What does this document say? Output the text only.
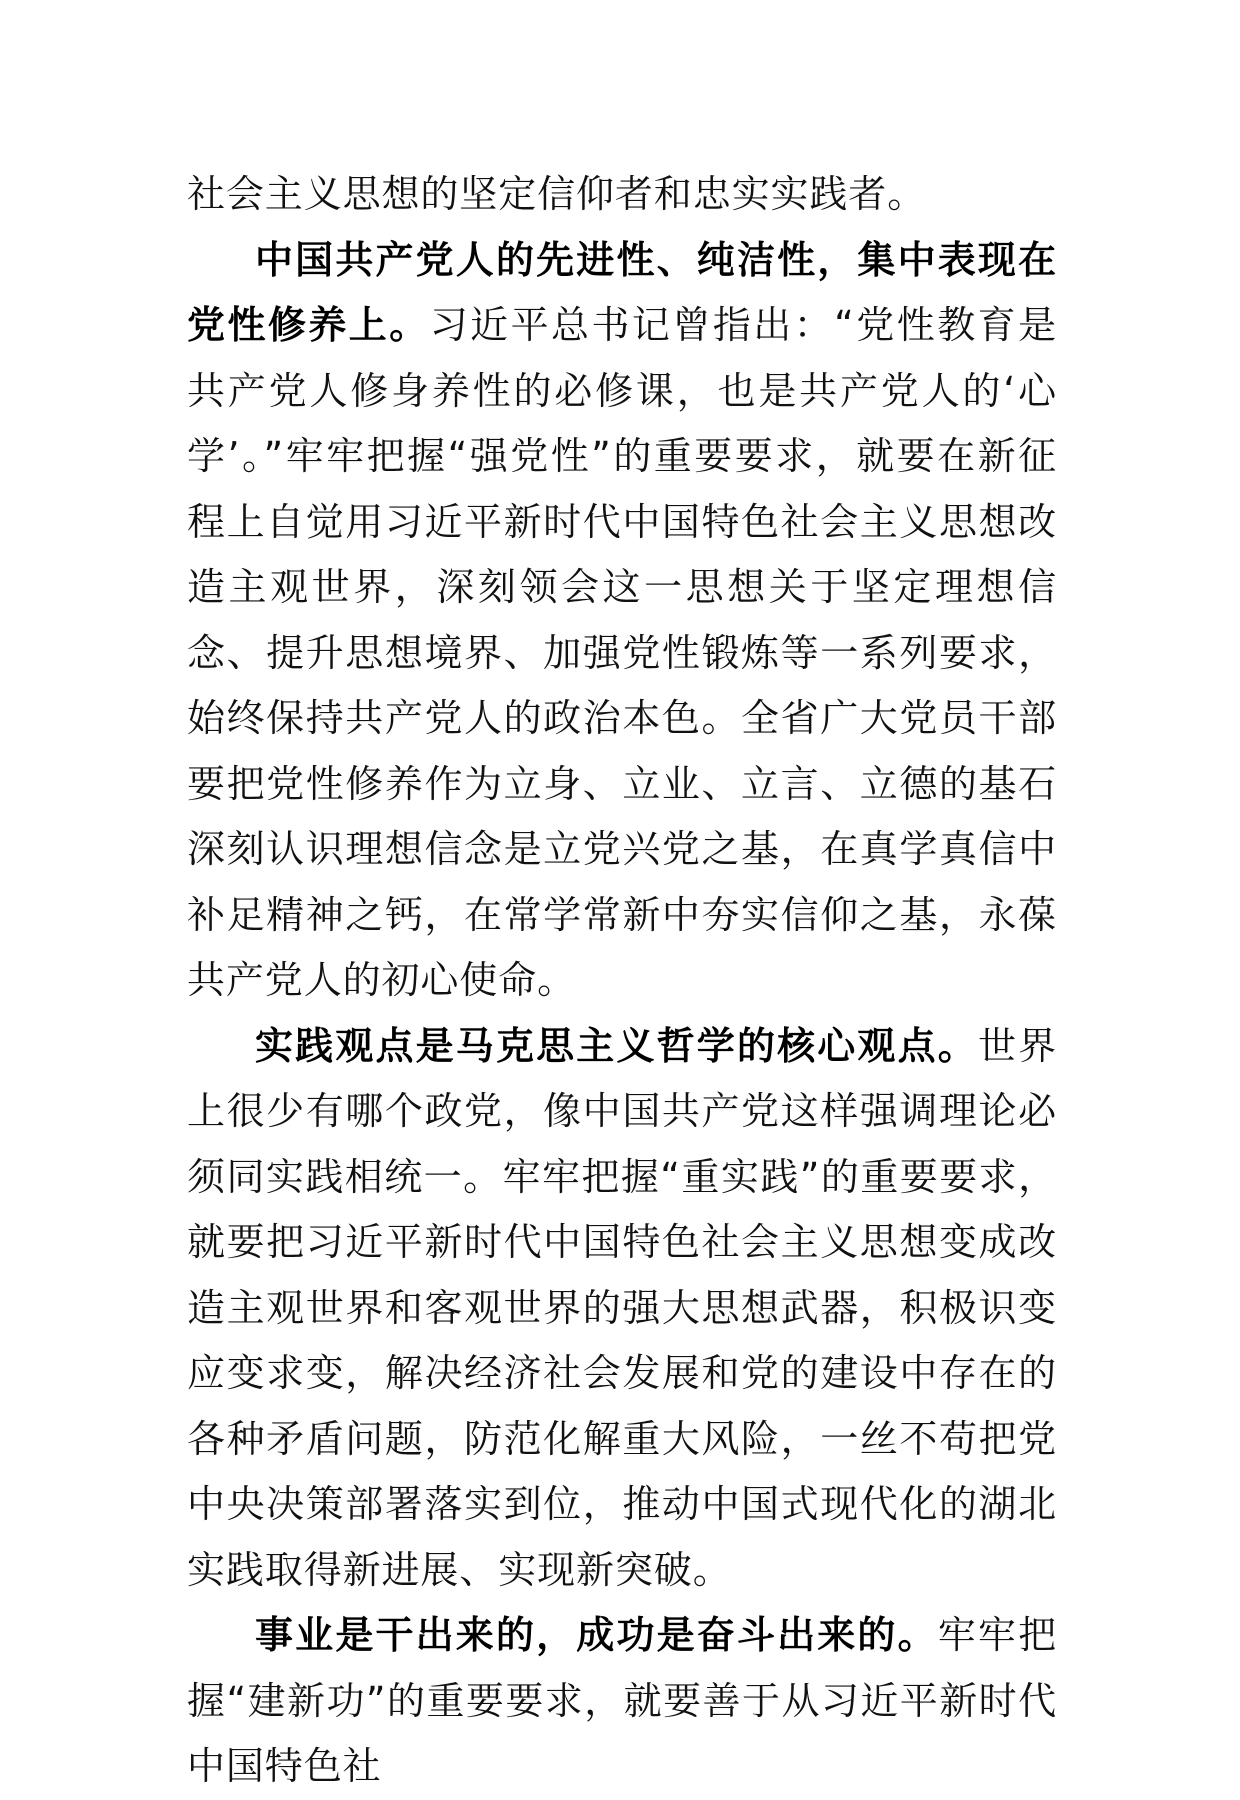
社会主义思想的坚定信仰者和忠实实践者。

中国共产党人的先进性、纯洁性，集中表现在党性修养上。习近平总书记曾指出：“党性教育是共产党人修身养性的必修课，也是共产党人的‘心学’。”牢牢把握“强党性”的重要要求，就要在新征程上自觉用习近平新时代中国特色社会主义思想改造主观世界，深刻领会这一思想关于坚定理想信念、提升思想境界、加强党性锻炼等一系列要求，始终保持共产党人的政治本色。全省广大党员干部要把党性修养作为立身、立业、立言、立德的基石深刻认识理想信念是立党兴党之基，在真学真信中补足精神之钙，在常学常新中夯实信仰之基，永葆共产党人的初心使命。

实践观点是马克思主义哲学的核心观点。世界上很少有哪个政党，像中国共产党这样强调理论必须同实践相统一。牢牢把握“重实践”的重要要求，就要把习近平新时代中国特色社会主义思想变成改造主观世界和客观世界的强大思想武器，积极识变应变求变，解决经济社会发展和党的建设中存在的各种矛盾问题，防范化解重大风险，一丝不苟把党中央决策部署落实到位，推动中国式现代化的湖北实践取得新进展、实现新突破。

事业是干出来的，成功是奋斗出来的。牢牢把握“建新功”的重要要求，就要善于从习近平新时代中国特色社
